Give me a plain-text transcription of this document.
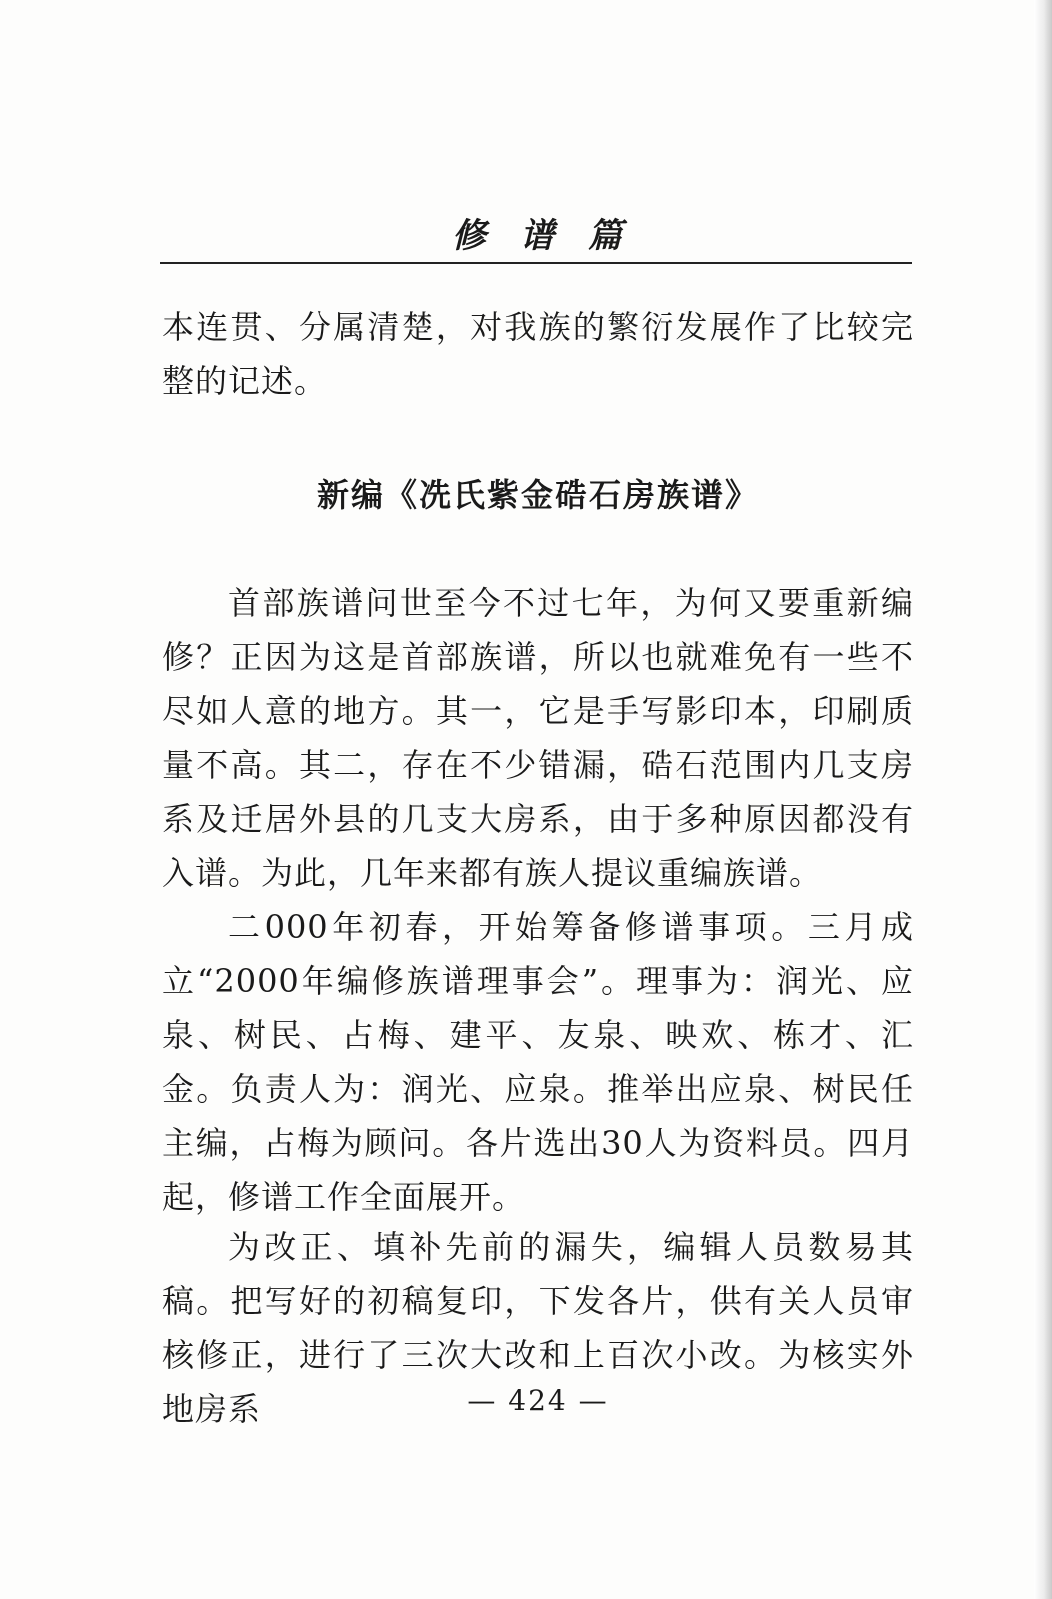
修谱篇

本连贯、分属清楚，对我族的繁衍发展作了比较完整的记述。

新编《冼氏紫金硞石房族谱》

首部族谱问世至今不过七年，为何又要重新编修？正因为这是首部族谱，所以也就难免有一些不尽如人意的地方。其一，它是手写影印本，印刷质量不高。其二，存在不少错漏，硞石范围内几支房系及迁居外县的几支大房系，由于多种原因都没有入谱。为此，几年来都有族人提议重编族谱。

二000年初春，开始筹备修谱事项。三月成立“2000年编修族谱理事会”。理事为：润光、应泉、树民、占梅、建平、友泉、映欢、栋才、汇金。负责人为：润光、应泉。推举出应泉、树民任主编，占梅为顾问。各片选出30人为资料员。四月起，修谱工作全面展开。

为改正、填补先前的漏失，编辑人员数易其稿。把写好的初稿复印，下发各片，供有关人员审核修正，进行了三次大改和上百次小改。为核实外地房系	— 424 —
